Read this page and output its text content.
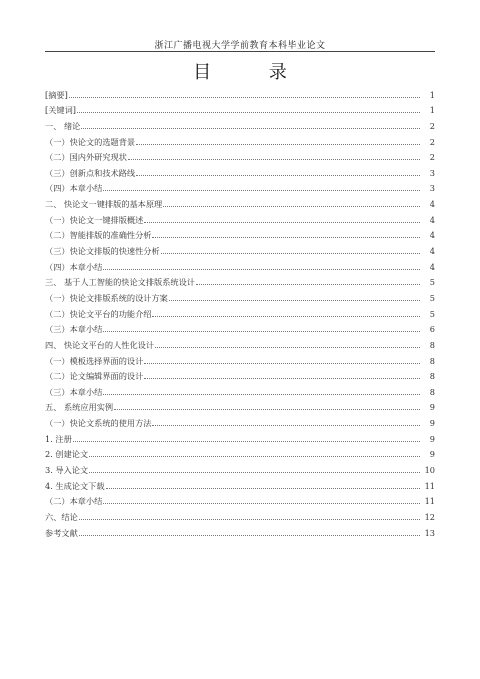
浙江广播电视大学学前教育本科毕业论文
目 录
[摘要]	1
[关键词]	1
一、 绪论	2
（一）快论文的选题背景	2
（二）国内外研究现状	2
（三）创新点和技术路线	3
（四）本章小结	3
二、 快论文一键排版的基本原理	4
（一）快论文一键排版概述	4
（二）智能排版的准确性分析	4
（三）快论文排版的快速性分析	4
（四）本章小结	4
三、 基于人工智能的快论文排版系统设计	5
（一）快论文排版系统的设计方案	5
（二）快论文平台的功能介绍	5
（三）本章小结	6
四、 快论文平台的人性化设计	8
（一）模板选择界面的设计	8
（二）论文编辑界面的设计	8
（三）本章小结	8
五、 系统应用实例	9
（一）快论文系统的使用方法	9
1. 注册	9
2. 创建论文	9
3. 导入论文	10
4. 生成论文下载	11
（二）本章小结	11
六、结论	12
参考文献	13
